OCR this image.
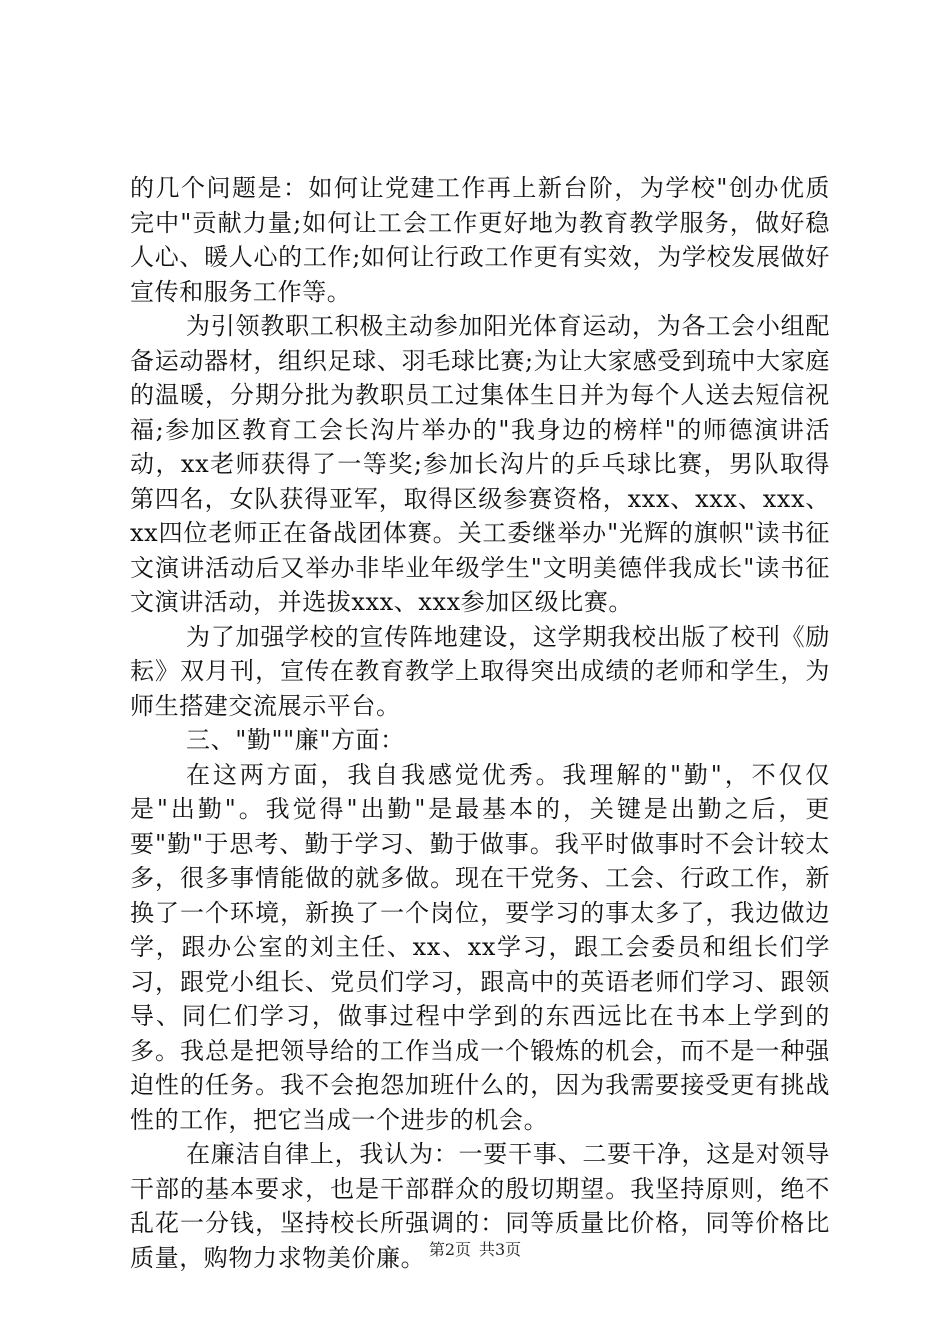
的几个问题是：如何让党建工作再上新台阶，为学校"创办优质完中"贡献力量;如何让工会工作更好地为教育教学服务，做好稳人心、暖人心的工作;如何让行政工作更有实效，为学校发展做好宣传和服务工作等。

为引领教职工积极主动参加阳光体育运动，为各工会小组配备运动器材，组织足球、羽毛球比赛;为让大家感受到琉中大家庭的温暖，分期分批为教职员工过集体生日并为每个人送去短信祝福;参加区教育工会长沟片举办的"我身边的榜样"的师德演讲活动，xx老师获得了一等奖;参加长沟片的乒乓球比赛，男队取得第四名，女队获得亚军，取得区级参赛资格，xxx、xxx、xxx、xx四位老师正在备战团体赛。关工委继举办"光辉的旗帜"读书征文演讲活动后又举办非毕业年级学生"文明美德伴我成长"读书征文演讲活动，并选拔xxx、xxx参加区级比赛。

为了加强学校的宣传阵地建设，这学期我校出版了校刊《励耘》双月刊，宣传在教育教学上取得突出成绩的老师和学生，为师生搭建交流展示平台。

三、"勤""廉"方面：

在这两方面，我自我感觉优秀。我理解的"勤"，不仅仅是"出勤"。我觉得"出勤"是最基本的，关键是出勤之后，更要"勤"于思考、勤于学习、勤于做事。我平时做事时不会计较太多，很多事情能做的就多做。现在干党务、工会、行政工作，新换了一个环境，新换了一个岗位，要学习的事太多了，我边做边学，跟办公室的刘主任、xx、xx学习，跟工会委员和组长们学习，跟党小组长、党员们学习，跟高中的英语老师们学习、跟领导、同仁们学习，做事过程中学到的东西远比在书本上学到的多。我总是把领导给的工作当成一个锻炼的机会，而不是一种强迫性的任务。我不会抱怨加班什么的，因为我需要接受更有挑战性的工作，把它当成一个进步的机会。

在廉洁自律上，我认为：一要干事、二要干净，这是对领导干部的基本要求，也是干部群众的殷切期望。我坚持原则，绝不乱花一分钱，坚持校长所强调的：同等质量比价格，同等价格比质量，购物力求物美价廉。 第2页 共3页
